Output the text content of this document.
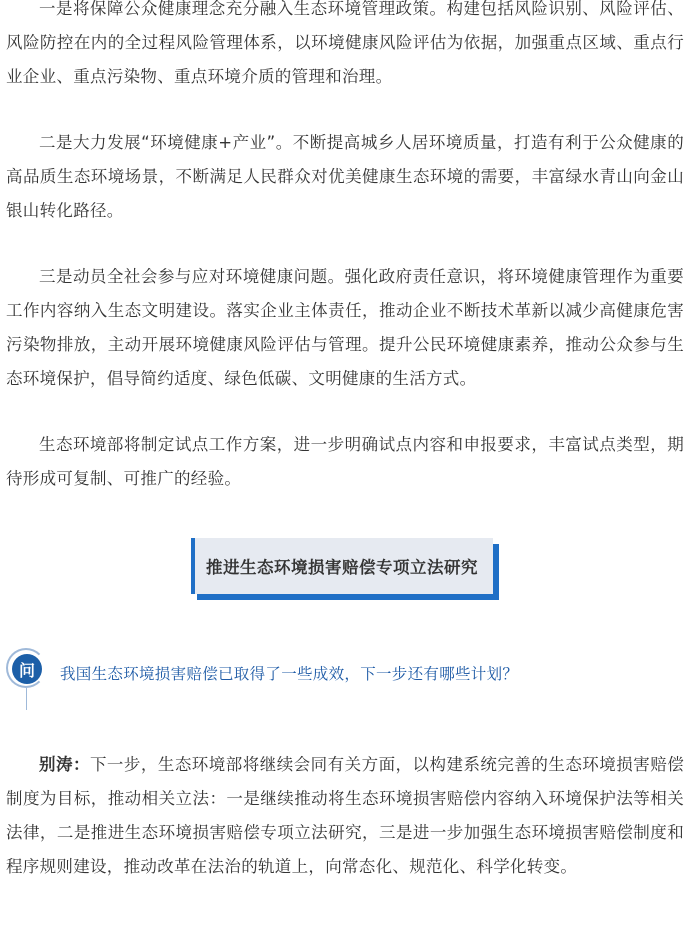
一是将保障公众健康理念充分融入生态环境管理政策。构建包括风险识别、风险评估、风险防控在内的全过程风险管理体系，以环境健康风险评估为依据，加强重点区域、重点行业企业、重点污染物、重点环境介质的管理和治理。

二是大力发展“环境健康+产业”。不断提高城乡人居环境质量，打造有利于公众健康的高品质生态环境场景，不断满足人民群众对优美健康生态环境的需要，丰富绿水青山向金山银山转化路径。

三是动员全社会参与应对环境健康问题。强化政府责任意识，将环境健康管理作为重要工作内容纳入生态文明建设。落实企业主体责任，推动企业不断技术革新以减少高健康危害污染物排放，主动开展环境健康风险评估与管理。提升公民环境健康素养，推动公众参与生态环境保护，倡导简约适度、绿色低碳、文明健康的生活方式。

生态环境部将制定试点工作方案，进一步明确试点内容和申报要求，丰富试点类型，期待形成可复制、可推广的经验。

推进生态环境损害赔偿专项立法研究
问	我国生态环境损害赔偿已取得了一些成效，下一步还有哪些计划？

别涛：下一步，生态环境部将继续会同有关方面，以构建系统完善的生态环境损害赔偿制度为目标，推动相关立法：一是继续推动将生态环境损害赔偿内容纳入环境保护法等相关法律，二是推进生态环境损害赔偿专项立法研究，三是进一步加强生态环境损害赔偿制度和程序规则建设，推动改革在法治的轨道上，向常态化、规范化、科学化转变。
